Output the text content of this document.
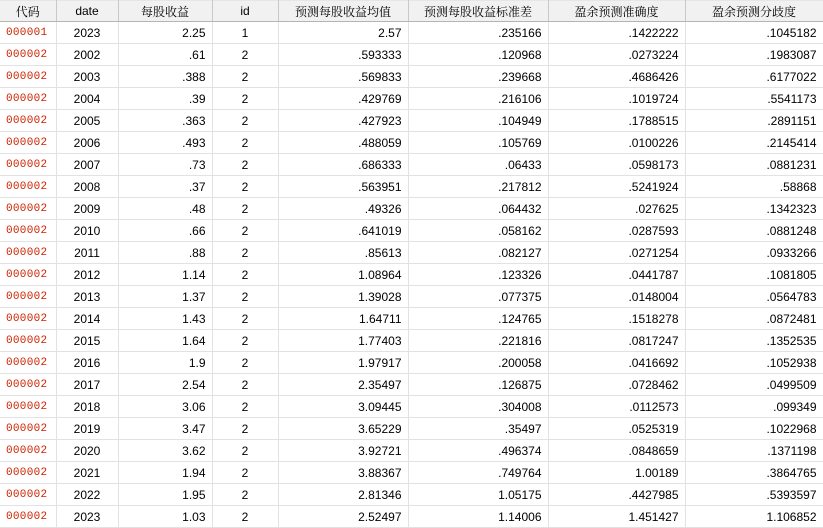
代码	date	每股收益	id	预测每股收益均值	预测每股收益标准差	盈余预测准确度	盈余预测分歧度
000001	2023	2.25	1	2.57	.235166	.1422222	.1045182
000002	2002	.61	2	.593333	.120968	.0273224	.1983087
000002	2003	.388	2	.569833	.239668	.4686426	.6177022
000002	2004	.39	2	.429769	.216106	.1019724	.5541173
000002	2005	.363	2	.427923	.104949	.1788515	.2891151
000002	2006	.493	2	.488059	.105769	.0100226	.2145414
000002	2007	.73	2	.686333	.06433	.0598173	.0881231
000002	2008	.37	2	.563951	.217812	.5241924	.58868
000002	2009	.48	2	.49326	.064432	.027625	.1342323
000002	2010	.66	2	.641019	.058162	.0287593	.0881248
000002	2011	.88	2	.85613	.082127	.0271254	.0933266
000002	2012	1.14	2	1.08964	.123326	.0441787	.1081805
000002	2013	1.37	2	1.39028	.077375	.0148004	.0564783
000002	2014	1.43	2	1.64711	.124765	.1518278	.0872481
000002	2015	1.64	2	1.77403	.221816	.0817247	.1352535
000002	2016	1.9	2	1.97917	.200058	.0416692	.1052938
000002	2017	2.54	2	2.35497	.126875	.0728462	.0499509
000002	2018	3.06	2	3.09445	.304008	.0112573	.099349
000002	2019	3.47	2	3.65229	.35497	.0525319	.1022968
000002	2020	3.62	2	3.92721	.496374	.0848659	.1371198
000002	2021	1.94	2	3.88367	.749764	1.00189	.3864765
000002	2022	1.95	2	2.81346	1.05175	.4427985	.5393597
000002	2023	1.03	2	2.52497	1.14006	1.451427	1.106852
